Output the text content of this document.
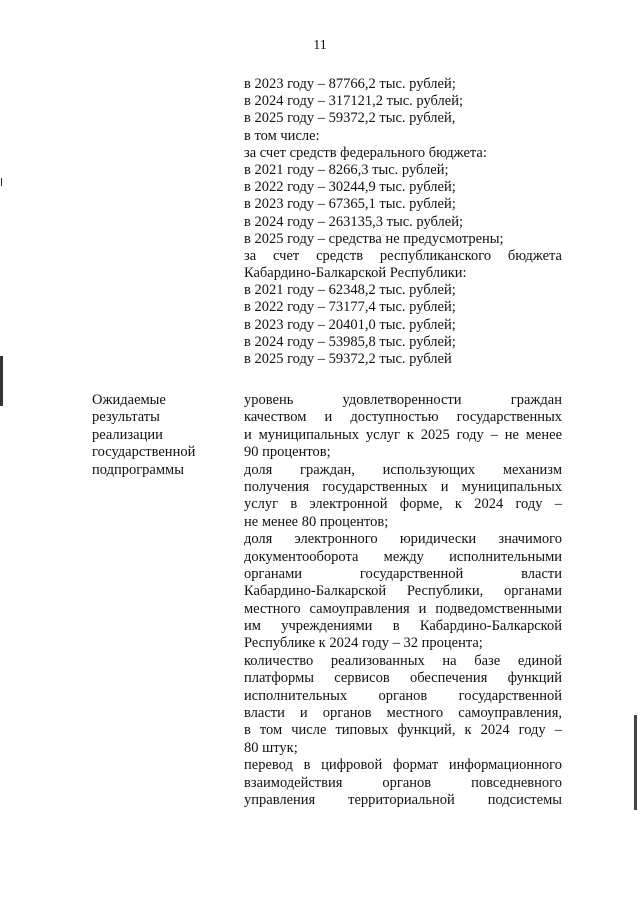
11
в 2023 году – 87766,2 тыс. рублей;
в 2024 году – 317121,2 тыс. рублей;
в 2025 году – 59372,2 тыс. рублей,
в том числе:
за счет средств федерального бюджета:
в 2021 году – 8266,3 тыс. рублей;
в 2022 году – 30244,9 тыс. рублей;
в 2023 году – 67365,1 тыс. рублей;
в 2024 году – 263135,3 тыс. рублей;
в 2025 году – средства не предусмотрены;
за счет средств республиканского бюджета
Кабардино-Балкарской Республики:
в 2021 году – 62348,2 тыс. рублей;
в 2022 году – 73177,4 тыс. рублей;
в 2023 году – 20401,0 тыс. рублей;
в 2024 году – 53985,8 тыс. рублей;
в 2025 году – 59372,2 тыс. рублей
Ожидаемые
результаты
реализации
государственной
подпрограммы
уровень удовлетворенности граждан
качеством и доступностью государственных
и муниципальных услуг к 2025 году – не менее
90 процентов;
доля граждан, использующих механизм
получения государственных и муниципальных
услуг в электронной форме, к 2024 году –
не менее 80 процентов;
доля электронного юридически значимого
документооборота между исполнительными
органами государственной власти
Кабардино-Балкарской Республики, органами
местного самоуправления и подведомственными
им учреждениями в Кабардино-Балкарской
Республике к 2024 году – 32 процента;
количество реализованных на базе единой
платформы сервисов обеспечения функций
исполнительных органов государственной
власти и органов местного самоуправления,
в том числе типовых функций, к 2024 году –
80 штук;
перевод в цифровой формат информационного
взаимодействия органов повседневного
управления территориальной подсистемы
